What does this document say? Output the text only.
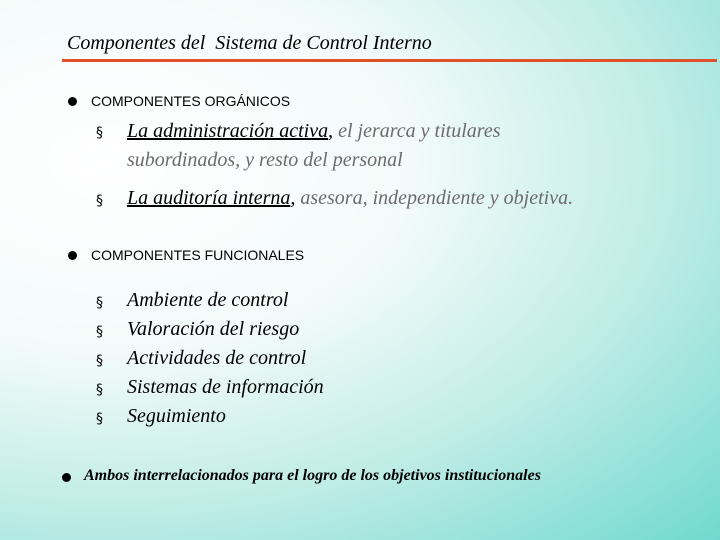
Componentes del  Sistema de Control Interno
COMPONENTES ORGÁNICOS
§ La administración activa, el jerarca y titulares
subordinados, y resto del personal
§ La auditoría interna, asesora, independiente y objetiva.
COMPONENTES FUNCIONALES
§ Ambiente de control
§ Valoración del riesgo
§ Actividades de control
§ Sistemas de información
§ Seguimiento
Ambos interrelacionados para el logro de los objetivos institucionales
